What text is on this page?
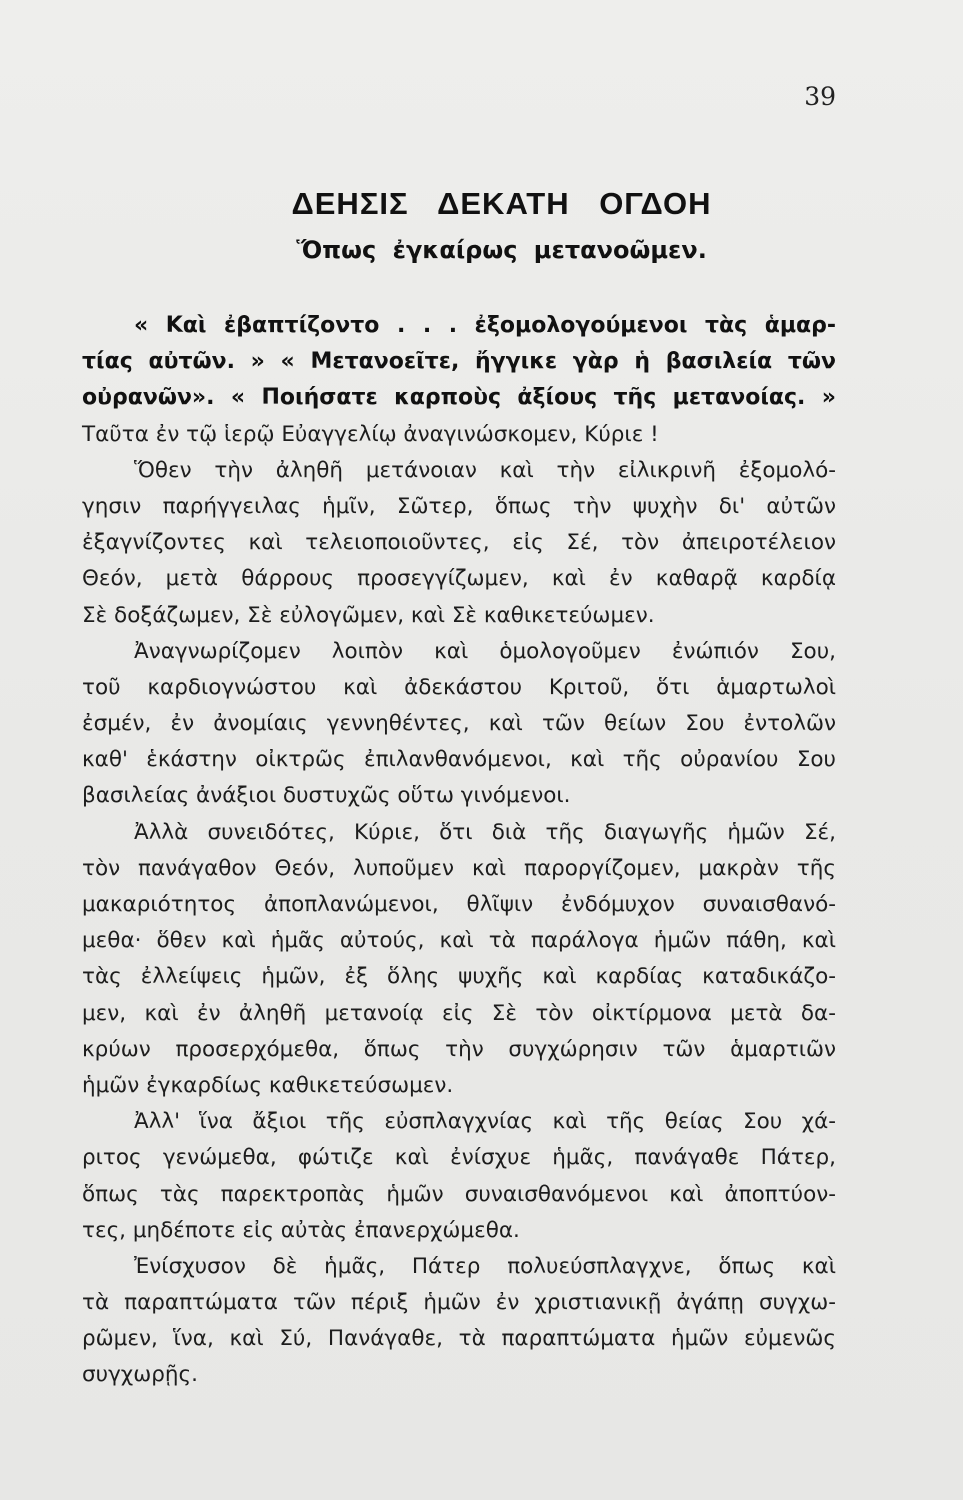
39
ΔΕΗΣΙΣ ΔΕΚΑΤΗ ΟΓΔΟΗ
Ὅπως ἐγκαίρως μετανοῶμεν.
« Καὶ ἐβαπτίζοντο . . . ἐξομολογούμενοι τὰς ἁμαρ-
τίας αὐτῶν. » « Μετανοεῖτε, ἤγγικε γὰρ ἡ βασιλεία τῶν
οὐρανῶν». « Ποιήσατε καρποὺς ἀξίους τῆς μετανοίας. »
Ταῦτα ἐν τῷ ἱερῷ Εὐαγγελίῳ ἀναγινώσκομεν, Κύριε !
Ὅθεν τὴν ἀληθῆ μετάνοιαν καὶ τὴν εἰλικρινῆ ἐξομολό-
γησιν παρήγγειλας ἡμῖν, Σῶτερ, ὅπως τὴν ψυχὴν δι' αὐτῶν
ἐξαγνίζοντες καὶ τελειοποιοῦντες, εἰς Σέ, τὸν ἀπειροτέλειον
Θεόν, μετὰ θάρρους προσεγγίζωμεν, καὶ ἐν καθαρᾷ καρδίᾳ
Σὲ δοξάζωμεν, Σὲ εὐλογῶμεν, καὶ Σὲ καθικετεύωμεν.
Ἀναγνωρίζομεν λοιπὸν καὶ ὁμολογοῦμεν ἐνώπιόν Σου,
τοῦ καρδιογνώστου καὶ ἀδεκάστου Κριτοῦ, ὅτι ἁμαρτωλοὶ
ἐσμέν, ἐν ἀνομίαις γεννηθέντες, καὶ τῶν θείων Σου ἐντολῶν
καθ' ἑκάστην οἰκτρῶς ἐπιλανθανόμενοι, καὶ τῆς οὐρανίου Σου
βασιλείας ἀνάξιοι δυστυχῶς οὕτω γινόμενοι.
Ἀλλὰ συνειδότες, Κύριε, ὅτι διὰ τῆς διαγωγῆς ἡμῶν Σέ,
τὸν πανάγαθον Θεόν, λυποῦμεν καὶ παροργίζομεν, μακρὰν τῆς
μακαριότητος ἀποπλανώμενοι, θλῖψιν ἐνδόμυχον συναισθανό-
μεθα· ὅθεν καὶ ἡμᾶς αὐτούς, καὶ τὰ παράλογα ἡμῶν πάθη, καὶ
τὰς ἐλλείψεις ἡμῶν, ἐξ ὅλης ψυχῆς καὶ καρδίας καταδικάζο-
μεν, καὶ ἐν ἀληθῆ μετανοίᾳ εἰς Σὲ τὸν οἰκτίρμονα μετὰ δα-
κρύων προσερχόμεθα, ὅπως τὴν συγχώρησιν τῶν ἁμαρτιῶν
ἡμῶν ἐγκαρδίως καθικετεύσωμεν.
Ἀλλ' ἵνα ἄξιοι τῆς εὐσπλαγχνίας καὶ τῆς θείας Σου χά-
ριτος γενώμεθα, φώτιζε καὶ ἐνίσχυε ἡμᾶς, πανάγαθε Πάτερ,
ὅπως τὰς παρεκτροπὰς ἡμῶν συναισθανόμενοι καὶ ἀποπτύον-
τες, μηδέποτε εἰς αὐτὰς ἐπανερχώμεθα.
Ἐνίσχυσον δὲ ἡμᾶς, Πάτερ πολυεύσπλαγχνε, ὅπως καὶ
τὰ παραπτώματα τῶν πέριξ ἡμῶν ἐν χριστιανικῇ ἀγάπῃ συγχω-
ρῶμεν, ἵνα, καὶ Σύ, Πανάγαθε, τὰ παραπτώματα ἡμῶν εὐμενῶς
συγχωρῇς.
